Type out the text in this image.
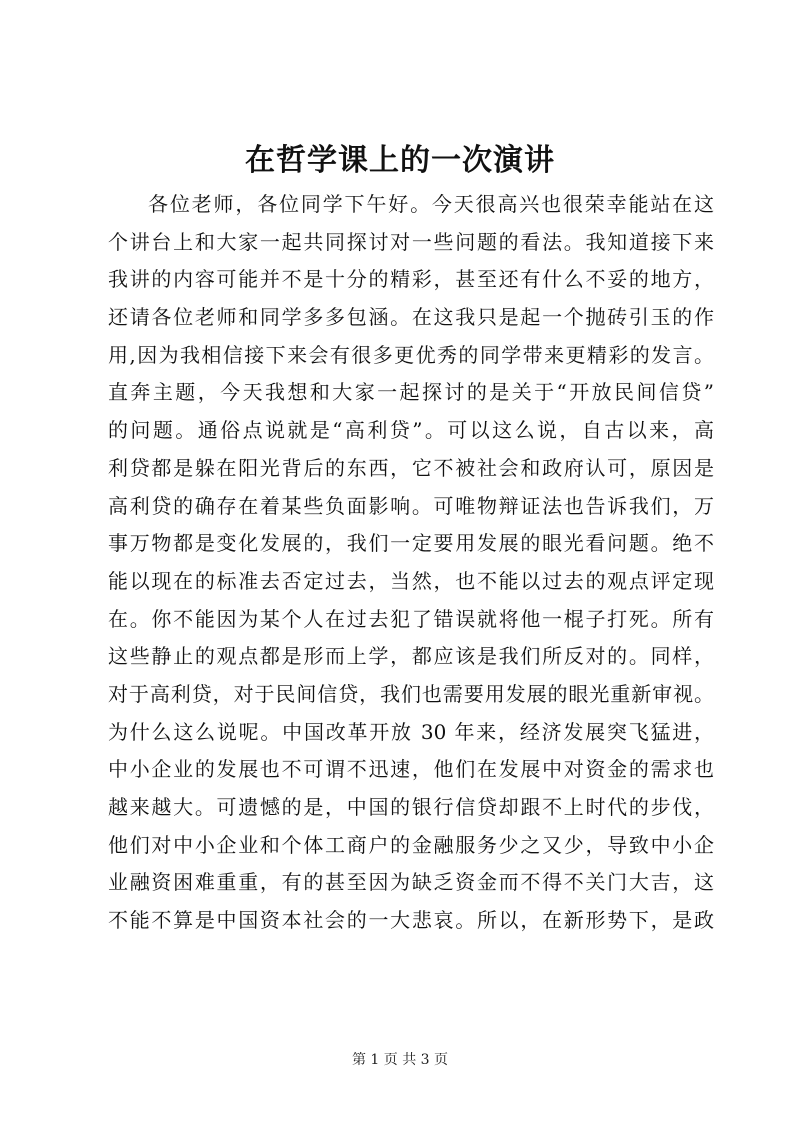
在哲学课上的一次演讲
各位老师，各位同学下午好。今天很高兴也很荣幸能站在这
个讲台上和大家一起共同探讨对一些问题的看法。我知道接下来
我讲的内容可能并不是十分的精彩，甚至还有什么不妥的地方，
还请各位老师和同学多多包涵。在这我只是起一个抛砖引玉的作
用,因为我相信接下来会有很多更优秀的同学带来更精彩的发言。
直奔主题，今天我想和大家一起探讨的是关于“开放民间信贷”
的问题。通俗点说就是“高利贷”。可以这么说，自古以来，高
利贷都是躲在阳光背后的东西，它不被社会和政府认可，原因是
高利贷的确存在着某些负面影响。可唯物辩证法也告诉我们，万
事万物都是变化发展的，我们一定要用发展的眼光看问题。绝不
能以现在的标准去否定过去，当然，也不能以过去的观点评定现
在。你不能因为某个人在过去犯了错误就将他一棍子打死。所有
这些静止的观点都是形而上学，都应该是我们所反对的。同样，
对于高利贷，对于民间信贷，我们也需要用发展的眼光重新审视。
为什么这么说呢。中国改革开放 30 年来，经济发展突飞猛进，
中小企业的发展也不可谓不迅速，他们在发展中对资金的需求也
越来越大。可遗憾的是，中国的银行信贷却跟不上时代的步伐，
他们对中小企业和个体工商户的金融服务少之又少，导致中小企
业融资困难重重，有的甚至因为缺乏资金而不得不关门大吉，这
不能不算是中国资本社会的一大悲哀。所以，在新形势下，是政
第 1 页 共 3 页
